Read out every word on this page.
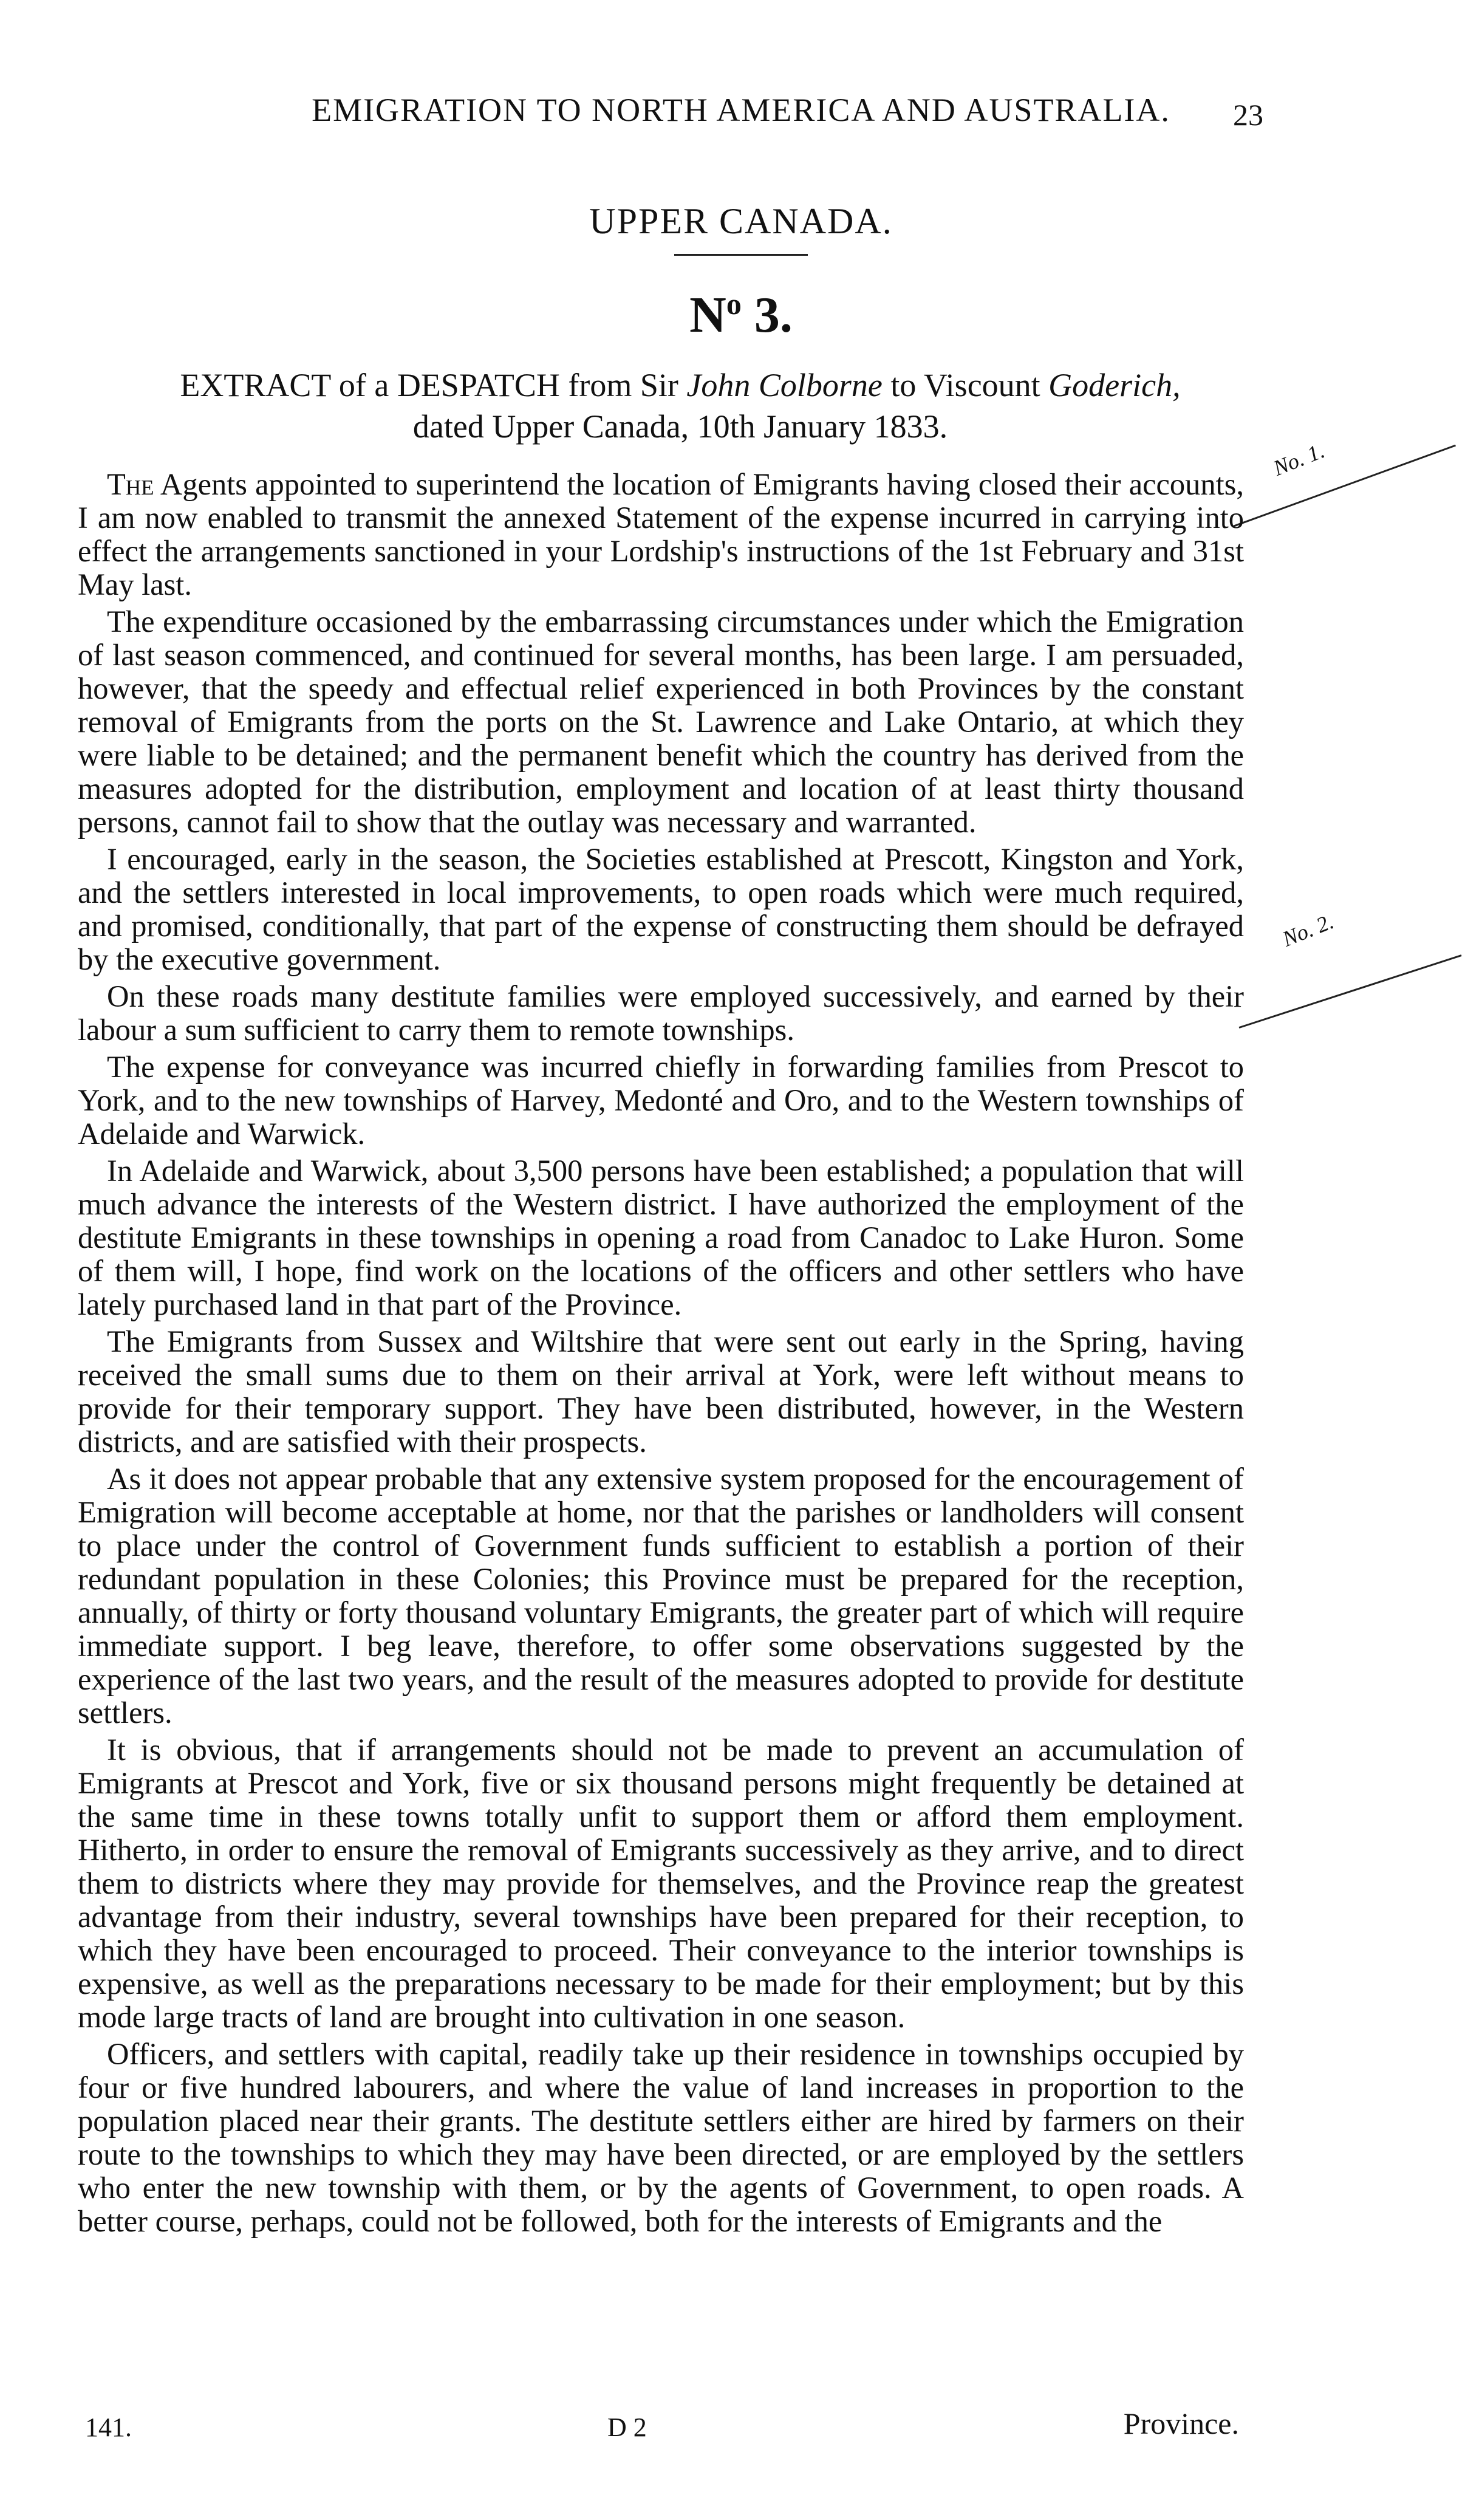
EMIGRATION TO NORTH AMERICA AND AUSTRALIA.	23
UPPER CANADA.
$N^o$ 3.
EXTRACT of a DESPATCH from Sir John Colborne to Viscount Goderich,
dated Upper Canada, 10th January 1833.
No. 1.
No. 2.

The Agents appointed to superintend the location of Emigrants having closed their accounts, I am now enabled to transmit the annexed Statement of the expense incurred in carrying into effect the arrangements sanctioned in your Lordship's instructions of the 1st February and 31st May last.

The expenditure occasioned by the embarrassing circumstances under which the Emigration of last season commenced, and continued for several months, has been large. I am persuaded, however, that the speedy and effectual relief experienced in both Provinces by the constant removal of Emigrants from the ports on the St. Lawrence and Lake Ontario, at which they were liable to be detained; and the permanent benefit which the country has derived from the measures adopted for the distribution, employment and location of at least thirty thousand persons, cannot fail to show that the outlay was necessary and warranted.

I encouraged, early in the season, the Societies established at Prescott, Kingston and York, and the settlers interested in local improvements, to open roads which were much required, and promised, conditionally, that part of the expense of constructing them should be defrayed by the executive government.

On these roads many destitute families were employed successively, and earned by their labour a sum sufficient to carry them to remote townships.

The expense for conveyance was incurred chiefly in forwarding families from Prescot to York, and to the new townships of Harvey, Medonté and Oro, and to the Western townships of Adelaide and Warwick.

In Adelaide and Warwick, about 3,500 persons have been established; a population that will much advance the interests of the Western district. I have authorized the employment of the destitute Emigrants in these townships in opening a road from Canadoc to Lake Huron. Some of them will, I hope, find work on the locations of the officers and other settlers who have lately purchased land in that part of the Province.

The Emigrants from Sussex and Wiltshire that were sent out early in the Spring, having received the small sums due to them on their arrival at York, were left without means to provide for their temporary support. They have been distributed, however, in the Western districts, and are satisfied with their prospects.

As it does not appear probable that any extensive system proposed for the encouragement of Emigration will become acceptable at home, nor that the parishes or landholders will consent to place under the control of Government funds sufficient to establish a portion of their redundant population in these Colonies; this Province must be prepared for the reception, annually, of thirty or forty thousand voluntary Emigrants, the greater part of which will require immediate support. I beg leave, therefore, to offer some observations suggested by the experience of the last two years, and the result of the measures adopted to provide for destitute settlers.

It is obvious, that if arrangements should not be made to prevent an accumulation of Emigrants at Prescot and York, five or six thousand persons might frequently be detained at the same time in these towns totally unfit to support them or afford them employment. Hitherto, in order to ensure the removal of Emigrants successively as they arrive, and to direct them to districts where they may provide for themselves, and the Province reap the greatest advantage from their industry, several townships have been prepared for their reception, to which they have been encouraged to proceed. Their conveyance to the interior townships is expensive, as well as the preparations necessary to be made for their employment; but by this mode large tracts of land are brought into cultivation in one season.

Officers, and settlers with capital, readily take up their residence in townships occupied by four or five hundred labourers, and where the value of land increases in proportion to the population placed near their grants. The destitute settlers either are hired by farmers on their route to the townships to which they may have been directed, or are employed by the settlers who enter the new township with them, or by the agents of Government, to open roads. A better course, perhaps, could not be followed, both for the interests of Emigrants and the

141.	D 2	Province.
